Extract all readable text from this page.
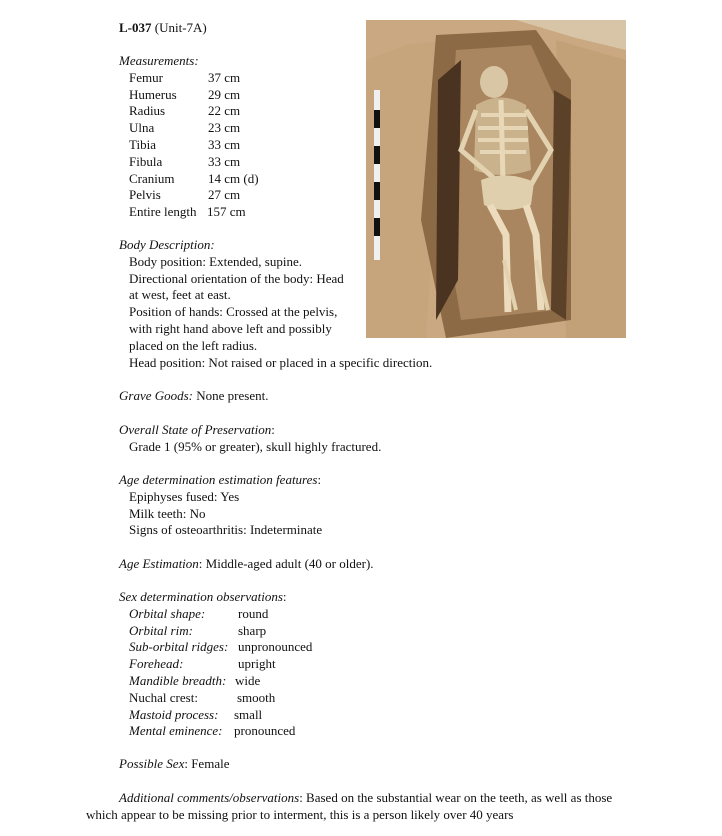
L-037 (Unit-7A)
Measurements:
Femur	37 cm
Humerus 29 cm
Radius	22 cm
Ulna	23 cm
Tibia	33 cm
Fibula	33 cm
Cranium	14 cm (d)
Pelvis	27 cm
Entire length 157 cm
Body Description:
Body position: Extended, supine.
Directional orientation of the body: Head
at west, feet at east.
Position of hands: Crossed at the pelvis,
with right hand above left and possibly
placed on the left radius.
Head position: Not raised or placed in a specific direction.
Grave Goods: None present.
Overall State of Preservation:
Grade 1 (95% or greater), skull highly fractured.
Age determination estimation features:
Epiphyses fused: Yes
Milk teeth: No
Signs of osteoarthritis: Indeterminate
Age Estimation: Middle-aged adult (40 or older).
Sex determination observations:
Orbital shape:	round
Orbital rim:	sharp
Sub-orbital ridges: unpronounced
Forehead:	upright
Mandible breadth: wide
Nuchal crest:	smooth
Mastoid process: small
Mental eminence: pronounced
Possible Sex: Female
Additional comments/observations: Based on the substantial wear on the teeth, as well as those
which appear to be missing prior to interment, this is a person likely over 40 years
